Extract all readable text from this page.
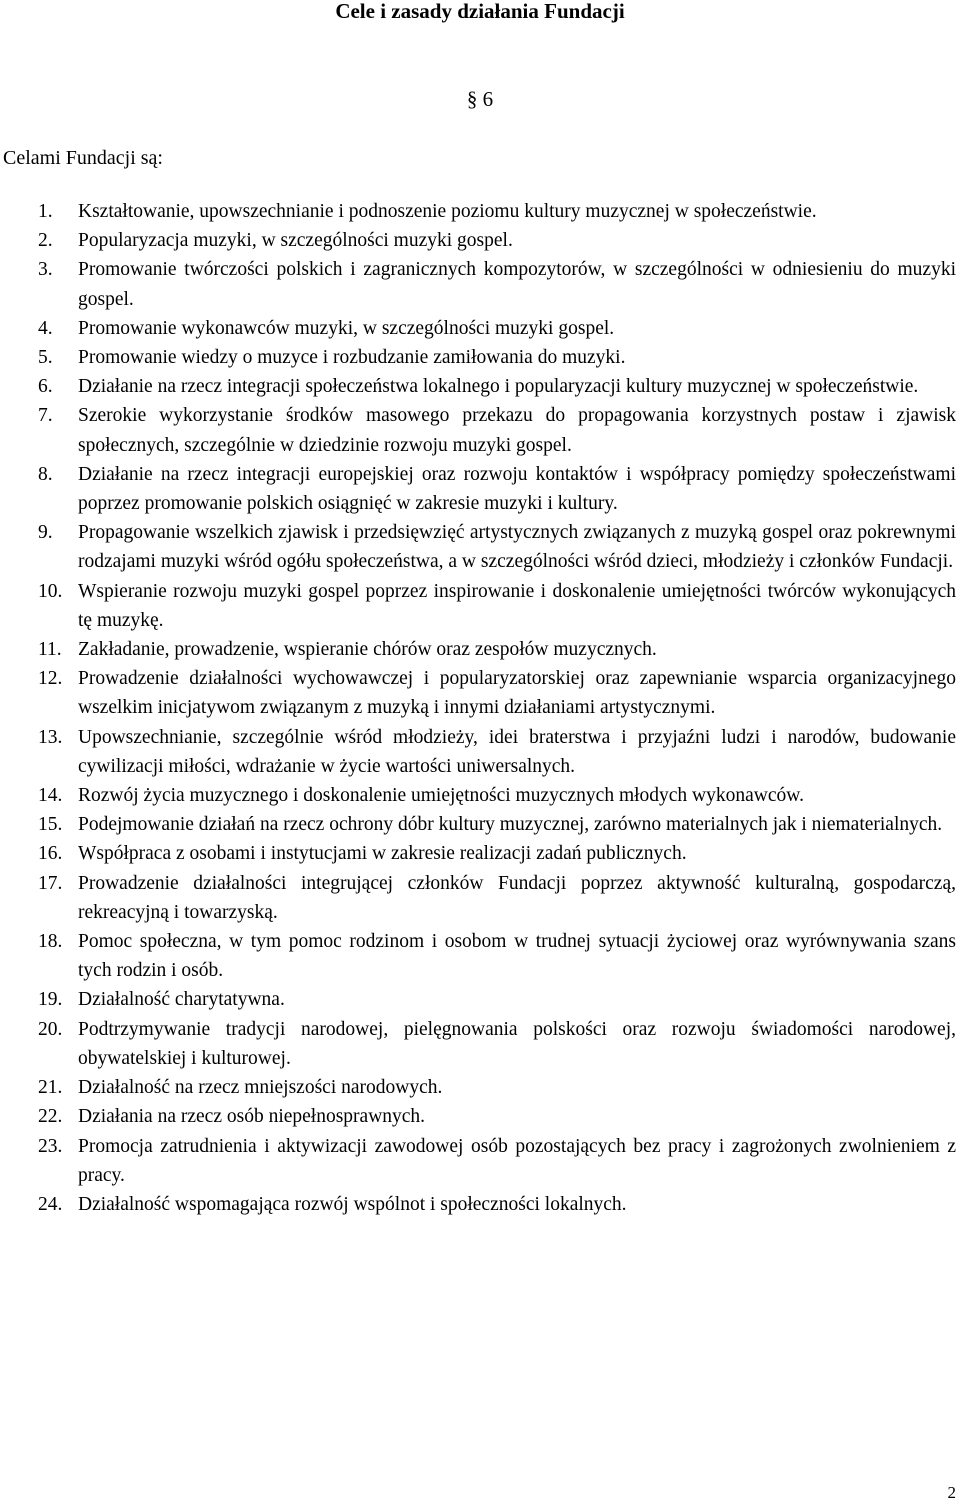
Cele i zasady działania Fundacji
§ 6

Celami Fundacji są:

1. Kształtowanie, upowszechnianie i podnoszenie poziomu kultury muzycznej w społeczeństwie.
2. Popularyzacja muzyki, w szczególności muzyki gospel.
3. Promowanie twórczości polskich i zagranicznych kompozytorów, w szczególności w odniesieniu do muzyki gospel.
4. Promowanie wykonawców muzyki, w szczególności muzyki gospel.
5. Promowanie wiedzy o muzyce i rozbudzanie zamiłowania do muzyki.
6. Działanie na rzecz integracji społeczeństwa lokalnego i popularyzacji kultury muzycznej w społeczeństwie.
7. Szerokie wykorzystanie środków masowego przekazu do propagowania korzystnych postaw i zjawisk społecznych, szczególnie w dziedzinie rozwoju muzyki gospel.
8. Działanie na rzecz integracji europejskiej oraz rozwoju kontaktów i współpracy pomiędzy społeczeństwami poprzez promowanie polskich osiągnięć w zakresie muzyki i kultury.
9. Propagowanie wszelkich zjawisk i przedsięwzięć artystycznych związanych z muzyką gospel oraz pokrewnymi rodzajami muzyki wśród ogółu społeczeństwa, a w szczególności wśród dzieci, młodzieży i członków Fundacji.
10. Wspieranie rozwoju muzyki gospel poprzez inspirowanie i doskonalenie umiejętności twórców wykonujących tę muzykę.
11. Zakładanie, prowadzenie, wspieranie chórów oraz zespołów muzycznych.
12. Prowadzenie działalności wychowawczej i popularyzatorskiej oraz zapewnianie wsparcia organizacyjnego wszelkim inicjatywom związanym z muzyką i innymi działaniami artystycznymi.
13. Upowszechnianie, szczególnie wśród młodzieży, idei braterstwa i przyjaźni ludzi i narodów, budowanie cywilizacji miłości, wdrażanie w życie wartości uniwersalnych.
14. Rozwój życia muzycznego i doskonalenie umiejętności muzycznych młodych wykonawców.
15. Podejmowanie działań na rzecz ochrony dóbr kultury muzycznej, zarówno materialnych jak i niematerialnych.
16. Współpraca z osobami i instytucjami w zakresie realizacji zadań publicznych.
17. Prowadzenie działalności integrującej członków Fundacji poprzez aktywność kulturalną, gospodarczą, rekreacyjną i towarzyską.
18. Pomoc społeczna, w tym pomoc rodzinom i osobom w trudnej sytuacji życiowej oraz wyrównywania szans tych rodzin i osób.
19. Działalność charytatywna.
20. Podtrzymywanie tradycji narodowej, pielęgnowania polskości oraz rozwoju świadomości narodowej, obywatelskiej i kulturowej.
21. Działalność na rzecz mniejszości narodowych.
22. Działania na rzecz osób niepełnosprawnych.
23. Promocja zatrudnienia i aktywizacji zawodowej osób pozostających bez pracy i zagrożonych zwolnieniem z pracy.
24. Działalność wspomagająca rozwój wspólnot i społeczności lokalnych.
2
